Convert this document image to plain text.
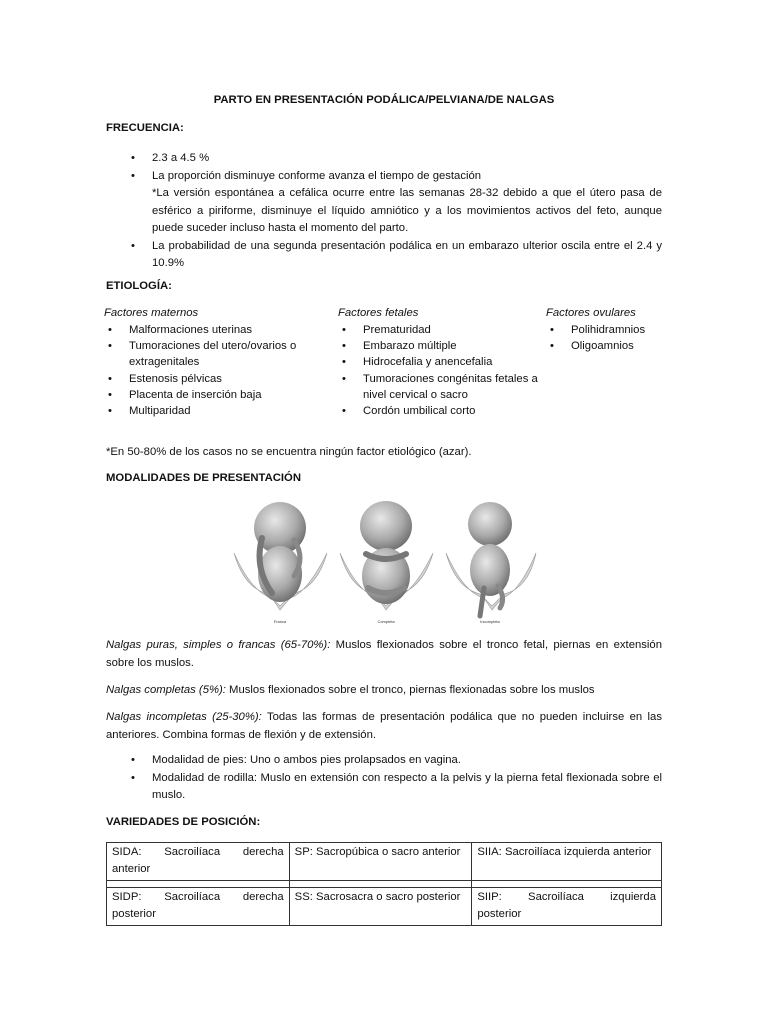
PARTO EN PRESENTACIÓN PODÁLICA/PELVIANA/DE NALGAS
FRECUENCIA:
• 2.3 a 4.5 %
• La proporción disminuye conforme avanza el tiempo de gestación
*La versión espontánea a cefálica ocurre entre las semanas 28-32 debido a que el útero pasa de esférico a piriforme, disminuye el líquido amniótico y a los movimientos activos del feto, aunque puede suceder incluso hasta el momento del parto.
• La probabilidad de una segunda presentación podálica en un embarazo ulterior oscila entre el 2.4 y 10.9%
ETIOLOGÍA:
Factores maternos
• Malformaciones uterinas
• Tumoraciones del utero/ovarios o extragenitales
• Estenosis pélvicas
• Placenta de inserción baja
• Multiparidad
Factores fetales
• Prematuridad
• Embarazo múltiple
• Hidrocefalia y anencefalia
• Tumoraciones congénitas fetales a nivel cervical o sacro
• Cordón umbilical corto
Factores ovulares
• Polihidramnios
• Oligoamnios
*En 50-80% de los casos no se encuentra ningún factor etiológico (azar).
MODALIDADES DE PRESENTACIÓN
Franca	Completa	Incompleta
Nalgas puras, simples o francas (65-70%): Muslos flexionados sobre el tronco fetal, piernas en extensión sobre los muslos.
Nalgas completas (5%): Muslos flexionados sobre el tronco, piernas flexionadas sobre los muslos
Nalgas incompletas (25-30%): Todas las formas de presentación podálica que no pueden incluirse en las anteriores. Combina formas de flexión y de extensión.
• Modalidad de pies: Uno o ambos pies prolapsados en vagina.
• Modalidad de rodilla: Muslo en extensión con respecto a la pelvis y la pierna fetal flexionada sobre el muslo.
VARIEDADES DE POSICIÓN:
SIDA: Sacroilíaca derecha anterior	SP: Sacropúbica o sacro anterior	SIIA: Sacroilíaca izquierda anterior

SIDP: Sacroilíaca derecha posterior	SS: Sacrosacra o sacro posterior	SIIP: Sacroilíaca izquierda posterior
